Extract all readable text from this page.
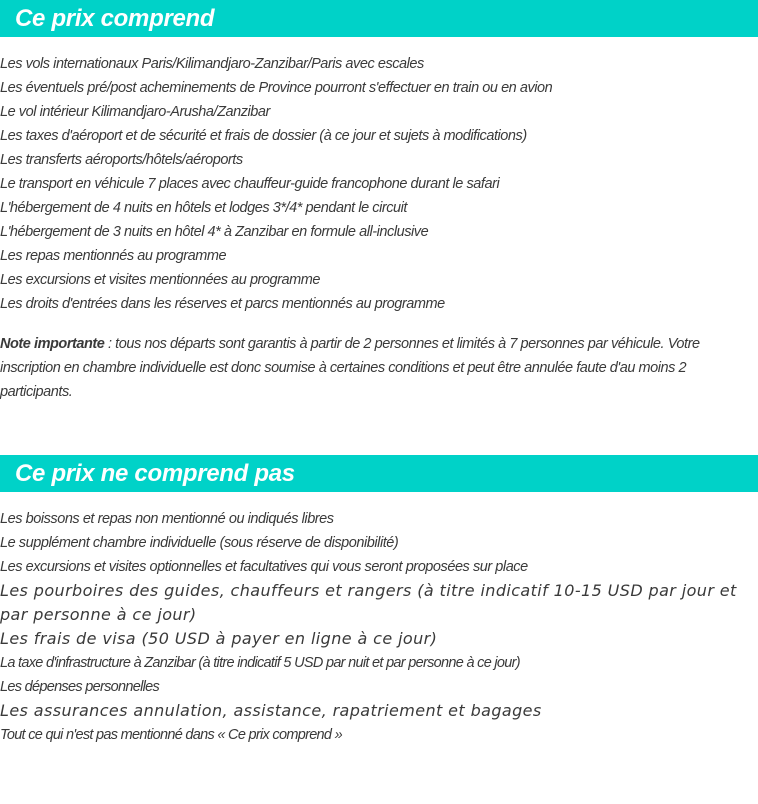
Ce prix comprend
Les vols internationaux Paris/Kilimandjaro-Zanzibar/Paris avec escales
Les éventuels pré/post acheminements de Province pourront s'effectuer en train ou en avion
Le vol intérieur Kilimandjaro-Arusha/Zanzibar
Les taxes d'aéroport et de sécurité et frais de dossier (à ce jour et sujets à modifications)
Les transferts aéroports/hôtels/aéroports
Le transport en véhicule 7 places avec chauffeur-guide francophone durant le safari
L'hébergement de 4 nuits en hôtels et lodges 3*/4* pendant le circuit
L'hébergement de 3 nuits en hôtel 4* à Zanzibar en formule all-inclusive
Les repas mentionnés au programme
Les excursions et visites mentionnées au programme
Les droits d'entrées dans les réserves et parcs mentionnés au programme

Note importante : tous nos départs sont garantis à partir de 2 personnes et limités à 7 personnes par véhicule. Votre inscription en chambre individuelle est donc soumise à certaines conditions et peut être annulée faute d'au moins 2 participants.

Ce prix ne comprend pas
Les boissons et repas non mentionné ou indiqués libres
Le supplément chambre individuelle (sous réserve de disponibilité)
Les excursions et visites optionnelles et facultatives qui vous seront proposées sur place
Les pourboires des guides, chauffeurs et rangers (à titre indicatif 10-15 USD par jour et par personne à ce jour)
Les frais de visa (50 USD à payer en ligne à ce jour)
La taxe d'infrastructure à Zanzibar (à titre indicatif 5 USD par nuit et par personne à ce jour)
Les dépenses personnelles
Les assurances annulation, assistance, rapatriement et bagages
Tout ce qui n'est pas mentionné dans « Ce prix comprend »
